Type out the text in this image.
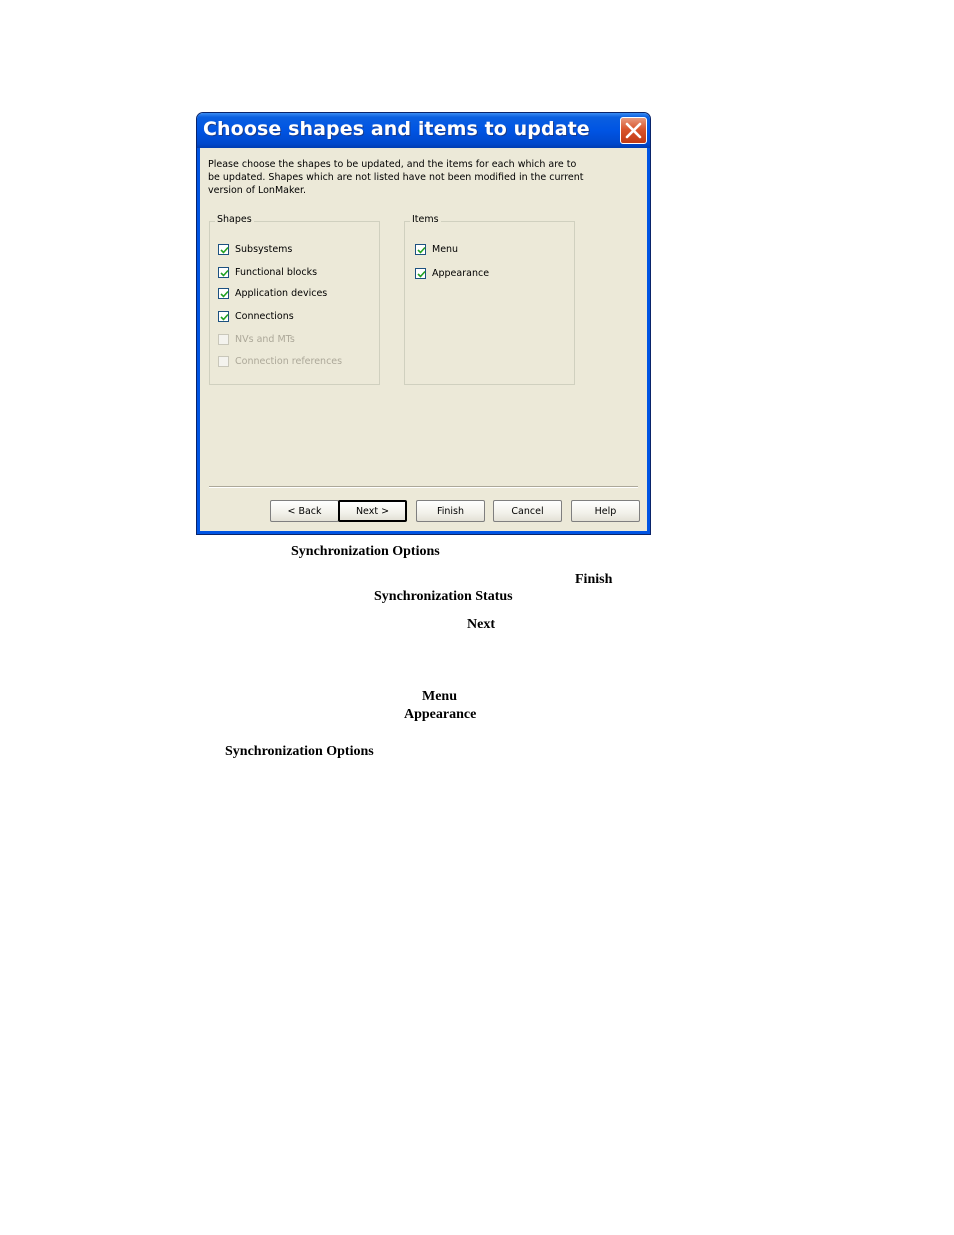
Choose shapes and items to update
Please choose the shapes to be updated, and the items for each which are to be updated. Shapes which are not listed have not been modified in the current version of LonMaker.
Shapes
Subsystems
Functional blocks
Application devices
Connections
NVs and MTs
Connection references
Items
Menu
Appearance
< Back	Next >	Finish	Cancel	Help
Synchronization Options
Finish
Synchronization Status
Next
Menu
Appearance
Synchronization Options
